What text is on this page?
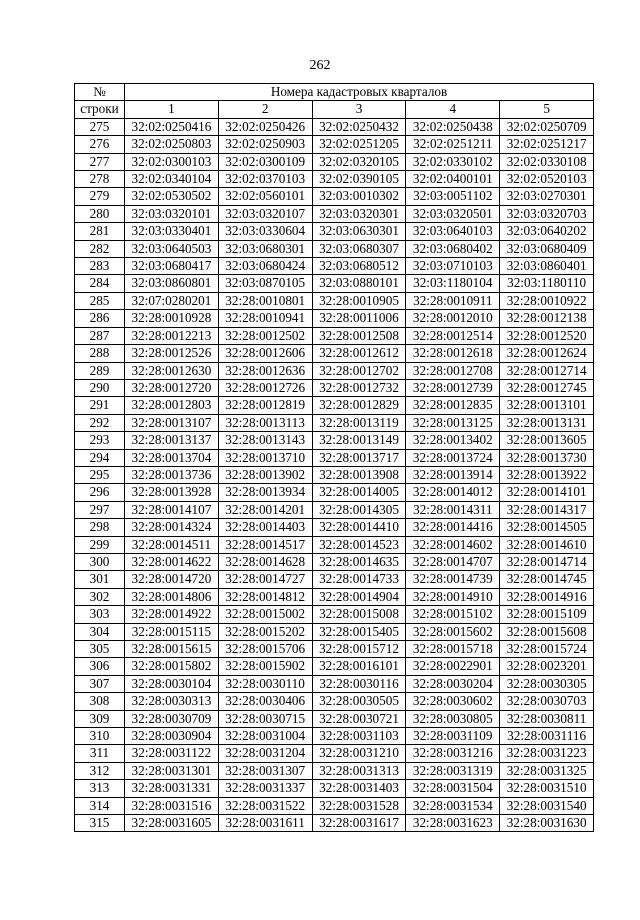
262
№	Номера кадастровых кварталов				
строки	1	2	3	4	5
275	32:02:0250416	32:02:0250426	32:02:0250432	32:02:0250438	32:02:0250709
276	32:02:0250803	32:02:0250903	32:02:0251205	32:02:0251211	32:02:0251217
277	32:02:0300103	32:02:0300109	32:02:0320105	32:02:0330102	32:02:0330108
278	32:02:0340104	32:02:0370103	32:02:0390105	32:02:0400101	32:02:0520103
279	32:02:0530502	32:02:0560101	32:03:0010302	32:03:0051102	32:03:0270301
280	32:03:0320101	32:03:0320107	32:03:0320301	32:03:0320501	32:03:0320703
281	32:03:0330401	32:03:0330604	32:03:0630301	32:03:0640103	32:03:0640202
282	32:03:0640503	32:03:0680301	32:03:0680307	32:03:0680402	32:03:0680409
283	32:03:0680417	32:03:0680424	32:03:0680512	32:03:0710103	32:03:0860401
284	32:03:0860801	32:03:0870105	32:03:0880101	32:03:1180104	32:03:1180110
285	32:07:0280201	32:28:0010801	32:28:0010905	32:28:0010911	32:28:0010922
286	32:28:0010928	32:28:0010941	32:28:0011006	32:28:0012010	32:28:0012138
287	32:28:0012213	32:28:0012502	32:28:0012508	32:28:0012514	32:28:0012520
288	32:28:0012526	32:28:0012606	32:28:0012612	32:28:0012618	32:28:0012624
289	32:28:0012630	32:28:0012636	32:28:0012702	32:28:0012708	32:28:0012714
290	32:28:0012720	32:28:0012726	32:28:0012732	32:28:0012739	32:28:0012745
291	32:28:0012803	32:28:0012819	32:28:0012829	32:28:0012835	32:28:0013101
292	32:28:0013107	32:28:0013113	32:28:0013119	32:28:0013125	32:28:0013131
293	32:28:0013137	32:28:0013143	32:28:0013149	32:28:0013402	32:28:0013605
294	32:28:0013704	32:28:0013710	32:28:0013717	32:28:0013724	32:28:0013730
295	32:28:0013736	32:28:0013902	32:28:0013908	32:28:0013914	32:28:0013922
296	32:28:0013928	32:28:0013934	32:28:0014005	32:28:0014012	32:28:0014101
297	32:28:0014107	32:28:0014201	32:28:0014305	32:28:0014311	32:28:0014317
298	32:28:0014324	32:28:0014403	32:28:0014410	32:28:0014416	32:28:0014505
299	32:28:0014511	32:28:0014517	32:28:0014523	32:28:0014602	32:28:0014610
300	32:28:0014622	32:28:0014628	32:28:0014635	32:28:0014707	32:28:0014714
301	32:28:0014720	32:28:0014727	32:28:0014733	32:28:0014739	32:28:0014745
302	32:28:0014806	32:28:0014812	32:28:0014904	32:28:0014910	32:28:0014916
303	32:28:0014922	32:28:0015002	32:28:0015008	32:28:0015102	32:28:0015109
304	32:28:0015115	32:28:0015202	32:28:0015405	32:28:0015602	32:28:0015608
305	32:28:0015615	32:28:0015706	32:28:0015712	32:28:0015718	32:28:0015724
306	32:28:0015802	32:28:0015902	32:28:0016101	32:28:0022901	32:28:0023201
307	32:28:0030104	32:28:0030110	32:28:0030116	32:28:0030204	32:28:0030305
308	32:28:0030313	32:28:0030406	32:28:0030505	32:28:0030602	32:28:0030703
309	32:28:0030709	32:28:0030715	32:28:0030721	32:28:0030805	32:28:0030811
310	32:28:0030904	32:28:0031004	32:28:0031103	32:28:0031109	32:28:0031116
311	32:28:0031122	32:28:0031204	32:28:0031210	32:28:0031216	32:28:0031223
312	32:28:0031301	32:28:0031307	32:28:0031313	32:28:0031319	32:28:0031325
313	32:28:0031331	32:28:0031337	32:28:0031403	32:28:0031504	32:28:0031510
314	32:28:0031516	32:28:0031522	32:28:0031528	32:28:0031534	32:28:0031540
315	32:28:0031605	32:28:0031611	32:28:0031617	32:28:0031623	32:28:0031630
